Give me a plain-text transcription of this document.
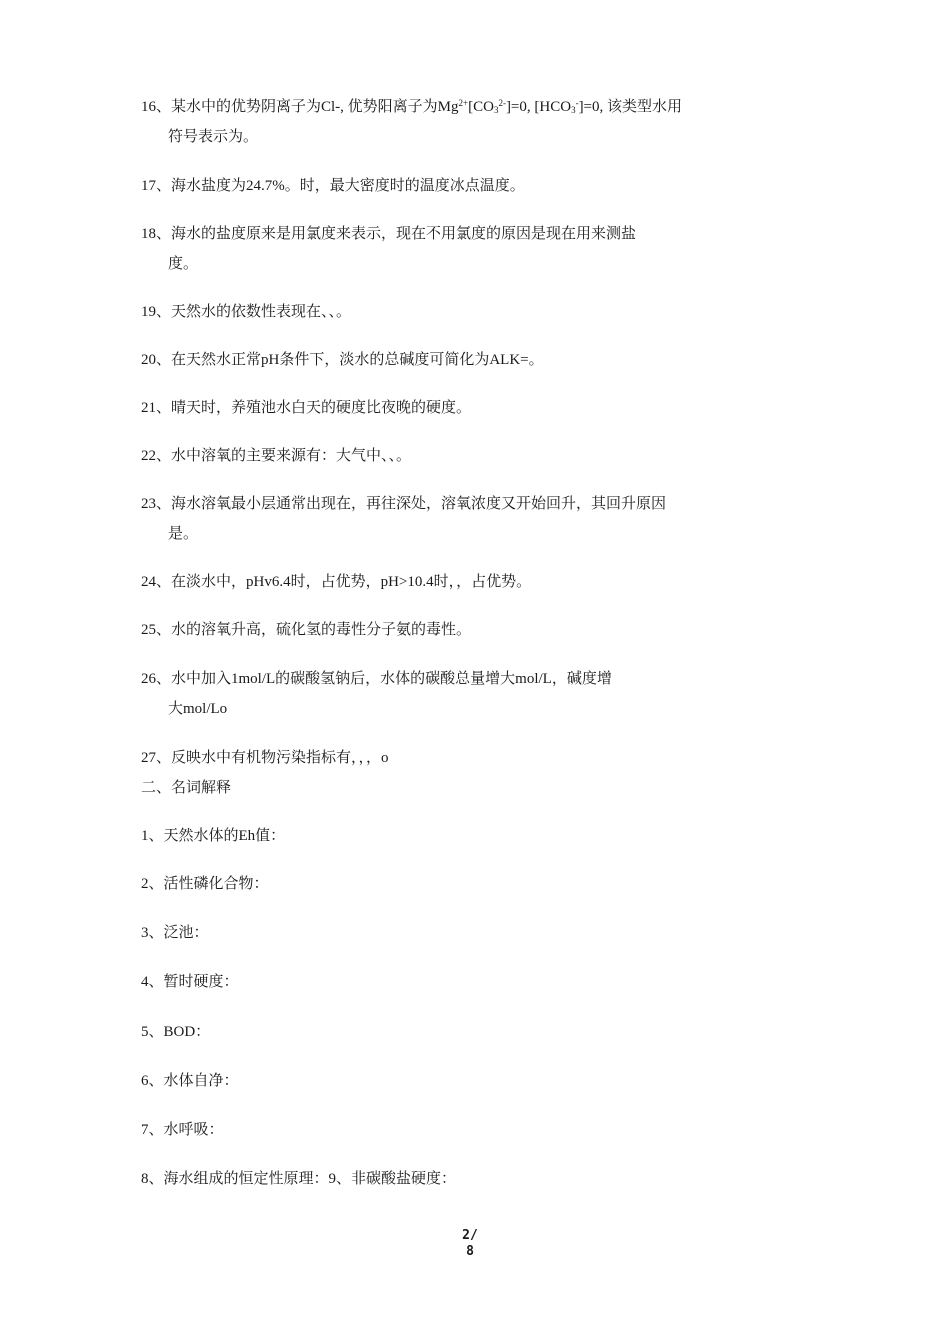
16、某水中的优势阴离子为Cl-, 优势阳离子为$Mg^{2+}[CO_3^{2-}]=0$, $[HCO_3^-]=0$, 该类型水用
符号表示为。
17、海水盐度为24.7%。时，最大密度时的温度冰点温度。
18、海水的盐度原来是用氯度来表示，现在不用氯度的原因是现在用来测盐
度。
19、天然水的依数性表现在、、。
20、在天然水正常pH条件下，淡水的总碱度可简化为ALK=。
21、晴天时，养殖池水白天的硬度比夜晚的硬度。
22、水中溶氧的主要来源有：大气中、、。
23、海水溶氧最小层通常出现在，再往深处，溶氧浓度又开始回升，其回升原因
是。
24、在淡水中，pHv6.4时，占优势，pH>10.4时，，占优势。
25、水的溶氧升高，硫化氢的毒性分子氨的毒性。
26、水中加入1mol/L的碳酸氢钠后，水体的碳酸总量增大mol/L，碱度增
大mol/Lo
27、反映水中有机物污染指标有，，，o
二、名词解释
1、天然水体的Eh值：
2、活性磷化合物：
3、泛池：
4、暂时硬度：
5、BOD：
6、水体自净：
7、水呼吸：
8、海水组成的恒定性原理：9、非碳酸盐硬度：
2/
8
